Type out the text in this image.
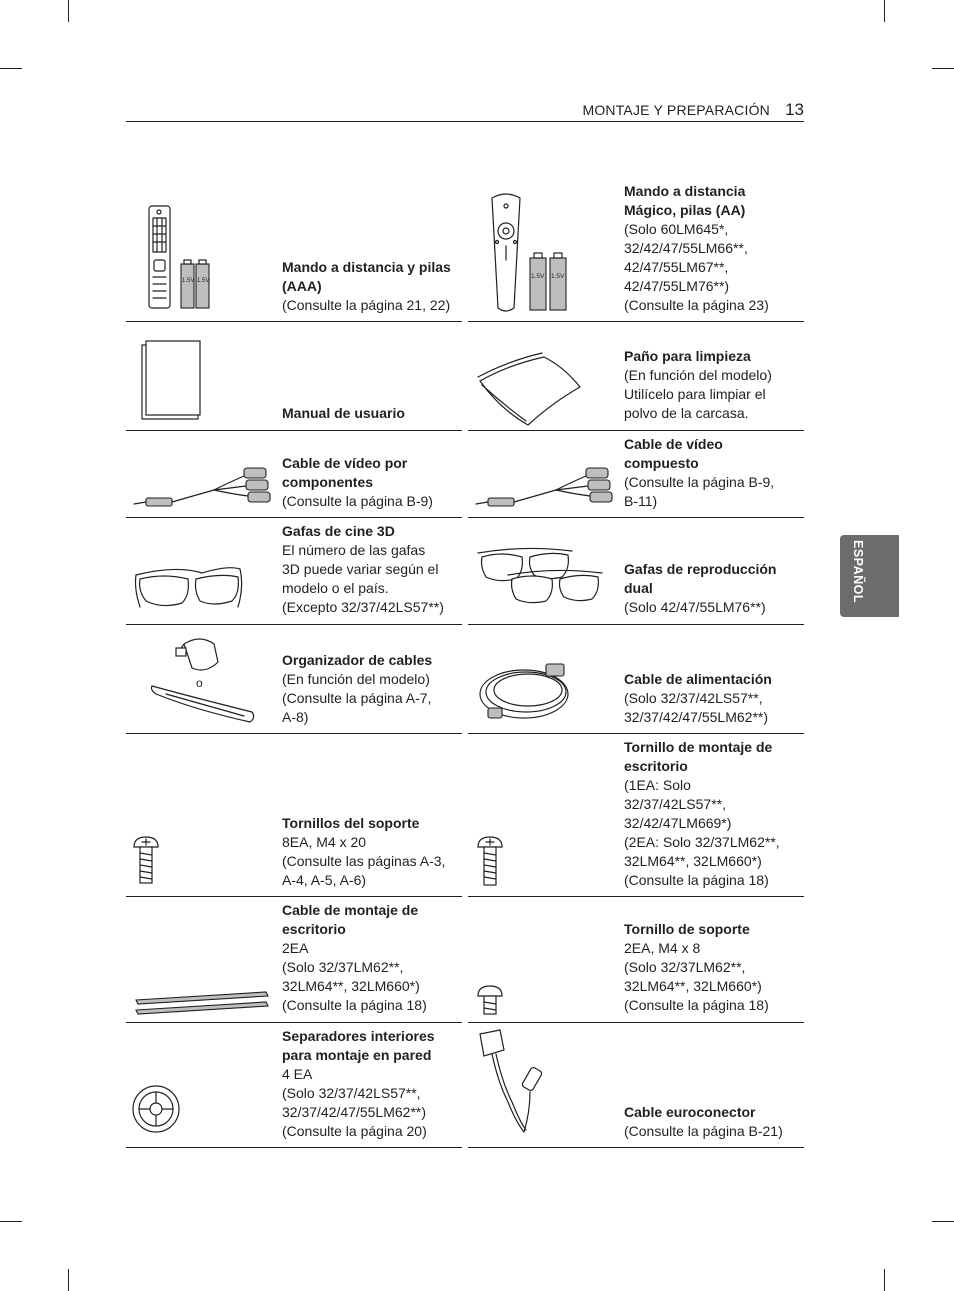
MONTAJE Y PREPARACIÓN 13
ESPAÑOL
1.5V 1.5V
Mando a distancia y pilas
(AAA)
(Consulte la página 21, 22)
1.5V 1.5V
Mando a distancia
Mágico, pilas (AA)
(Solo 60LM645*,
32/42/47/55LM66**,
42/47/55LM67**,
42/47/55LM76**)
(Consulte la página 23)
Manual de usuario
Paño para limpieza
(En función del modelo)
Utilícelo para limpiar el
polvo de la carcasa.
Cable de vídeo por
componentes
(Consulte la página B-9)
Cable de vídeo
compuesto
(Consulte la página B-9,
B-11)
Gafas de cine 3D
El número de las gafas
3D puede variar según el
modelo o el país.
(Excepto 32/37/42LS57**)
Gafas de reproducción
dual
(Solo 42/47/55LM76**)
o
Organizador de cables
(En función del modelo)
(Consulte la página A-7,
A-8)
Cable de alimentación
(Solo 32/37/42LS57**,
32/37/42/47/55LM62**)
Tornillos del soporte
8EA, M4 x 20
(Consulte las páginas A-3,
A-4, A-5, A-6)
Tornillo de montaje de
escritorio
(1EA: Solo
32/37/42LS57**,
32/42/47LM669*)
(2EA: Solo 32/37LM62**,
32LM64**, 32LM660*)
(Consulte la página 18)
Cable de montaje de
escritorio
2EA
(Solo 32/37LM62**,
32LM64**, 32LM660*)
(Consulte la página 18)
Tornillo de soporte
2EA, M4 x 8
(Solo 32/37LM62**,
32LM64**, 32LM660*)
(Consulte la página 18)
Separadores interiores
para montaje en pared
4 EA
(Solo 32/37/42LS57**,
32/37/42/47/55LM62**)
(Consulte la página 20)
Cable euroconector
(Consulte la página B-21)
